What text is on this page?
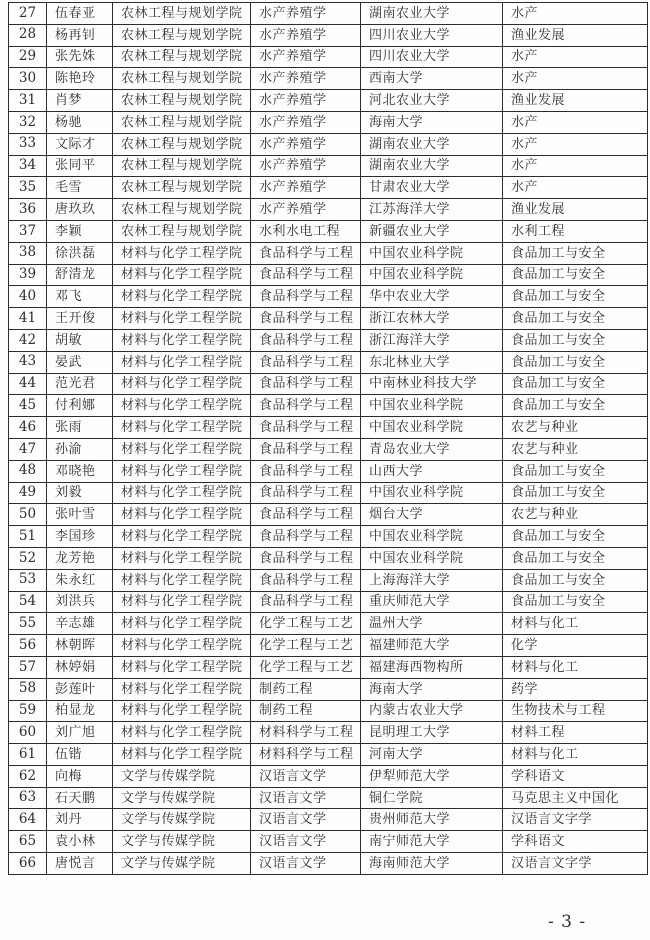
27	伍春亚	农林工程与规划学院	水产养殖学	湖南农业大学	水产
28	杨再钊	农林工程与规划学院	水产养殖学	四川农业大学	渔业发展
29	张先姝	农林工程与规划学院	水产养殖学	四川农业大学	水产
30	陈艳玲	农林工程与规划学院	水产养殖学	西南大学	水产
31	肖梦	农林工程与规划学院	水产养殖学	河北农业大学	渔业发展
32	杨驰	农林工程与规划学院	水产养殖学	海南大学	水产
33	文际才	农林工程与规划学院	水产养殖学	湖南农业大学	水产
34	张同平	农林工程与规划学院	水产养殖学	湖南农业大学	水产
35	毛雪	农林工程与规划学院	水产养殖学	甘肃农业大学	水产
36	唐玖玖	农林工程与规划学院	水产养殖学	江苏海洋大学	渔业发展
37	李颖	农林工程与规划学院	水利水电工程	新疆农业大学	水利工程
38	徐洪磊	材料与化学工程学院	食品科学与工程	中国农业科学院	食品加工与安全
39	舒清龙	材料与化学工程学院	食品科学与工程	中国农业科学院	食品加工与安全
40	邓飞	材料与化学工程学院	食品科学与工程	华中农业大学	食品加工与安全
41	王开俊	材料与化学工程学院	食品科学与工程	浙江农林大学	食品加工与安全
42	胡敏	材料与化学工程学院	食品科学与工程	浙江海洋大学	食品加工与安全
43	晏武	材料与化学工程学院	食品科学与工程	东北林业大学	食品加工与安全
44	范光君	材料与化学工程学院	食品科学与工程	中南林业科技大学	食品加工与安全
45	付利娜	材料与化学工程学院	食品科学与工程	中国农业科学院	食品加工与安全
46	张雨	材料与化学工程学院	食品科学与工程	中国农业科学院	农艺与种业
47	孙渝	材料与化学工程学院	食品科学与工程	青岛农业大学	农艺与种业
48	邓晓艳	材料与化学工程学院	食品科学与工程	山西大学	食品加工与安全
49	刘毅	材料与化学工程学院	食品科学与工程	中国农业科学院	食品加工与安全
50	张叶雪	材料与化学工程学院	食品科学与工程	烟台大学	农艺与种业
51	李国珍	材料与化学工程学院	食品科学与工程	中国农业科学院	食品加工与安全
52	龙芳艳	材料与化学工程学院	食品科学与工程	中国农业科学院	食品加工与安全
53	朱永红	材料与化学工程学院	食品科学与工程	上海海洋大学	食品加工与安全
54	刘洪兵	材料与化学工程学院	食品科学与工程	重庆师范大学	食品加工与安全
55	辛志雄	材料与化学工程学院	化学工程与工艺	温州大学	材料与化工
56	林朝晖	材料与化学工程学院	化学工程与工艺	福建师范大学	化学
57	林婷娟	材料与化学工程学院	化学工程与工艺	福建海西物构所	材料与化工
58	彭莲叶	材料与化学工程学院	制药工程	海南大学	药学
59	柏显龙	材料与化学工程学院	制药工程	内蒙古农业大学	生物技术与工程
60	刘广旭	材料与化学工程学院	材料科学与工程	昆明理工大学	材料工程
61	伍锴	材料与化学工程学院	材料科学与工程	河南大学	材料与化工
62	向梅	文学与传媒学院	汉语言文学	伊犁师范大学	学科语文
63	石天鹏	文学与传媒学院	汉语言文学	铜仁学院	马克思主义中国化
64	刘丹	文学与传媒学院	汉语言文学	贵州师范大学	汉语言文字学
65	袁小林	文学与传媒学院	汉语言文学	南宁师范大学	学科语文
66	唐悦言	文学与传媒学院	汉语言文学	海南师范大学	汉语言文字学
- 3 -
